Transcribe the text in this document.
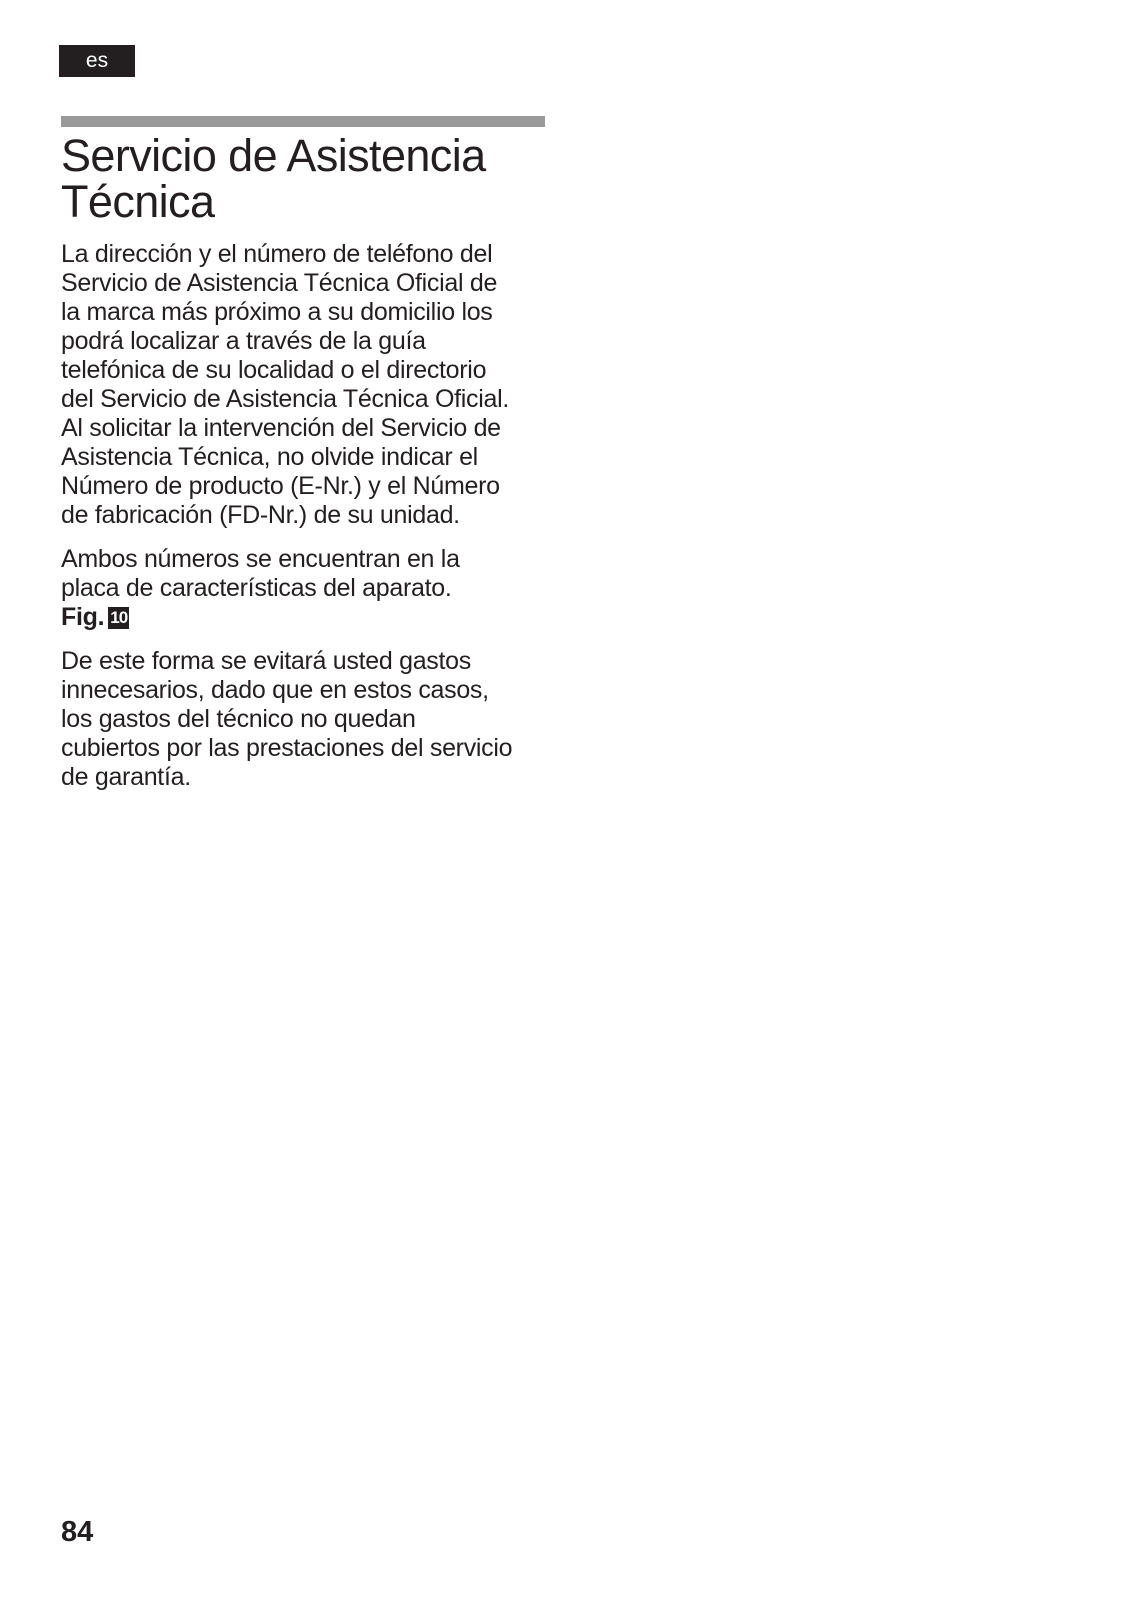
es
Servicio de Asistencia
Técnica

La dirección y el número de teléfono del
Servicio de Asistencia Técnica Oficial de
la marca más próximo a su domicilio los
podrá localizar a través de la guía
telefónica de su localidad o el directorio
del Servicio de Asistencia Técnica Oficial.
Al solicitar la intervención del Servicio de
Asistencia Técnica, no olvide indicar el
Número de producto (E-Nr.) y el Número
de fabricación (FD-Nr.) de su unidad.

Ambos números se encuentran en la
placa de características del aparato.
Fig. 10

De este forma se evitará usted gastos
innecesarios, dado que en estos casos,
los gastos del técnico no quedan
cubiertos por las prestaciones del servicio
de garantía.

84
